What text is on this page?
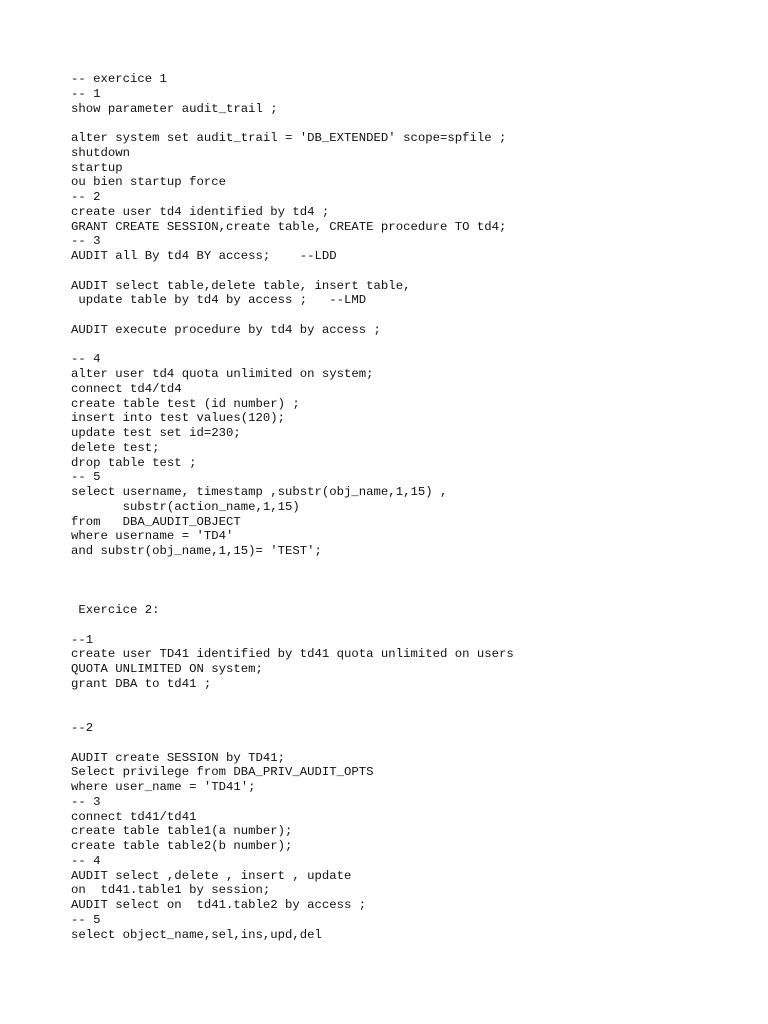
-- exercice 1
-- 1
show parameter audit_trail ;
alter system set audit_trail = 'DB_EXTENDED' scope=spfile ;
shutdown
startup
ou bien startup force
-- 2
create user td4 identified by td4 ;
GRANT CREATE SESSION,create table, CREATE procedure TO td4;
-- 3
AUDIT all By td4 BY access;    --LDD
AUDIT select table,delete table, insert table,
update table by td4 by access ;   --LMD
AUDIT execute procedure by td4 by access ;
-- 4
alter user td4 quota unlimited on system;
connect td4/td4
create table test (id number) ;
insert into test values(120);
update test set id=230;
delete test;
drop table test ;
-- 5
select username, timestamp ,substr(obj_name,1,15) ,
substr(action_name,1,15)
from   DBA_AUDIT_OBJECT
where username = 'TD4'
and substr(obj_name,1,15)= 'TEST';
Exercice 2:
--1
create user TD41 identified by td41 quota unlimited on users
QUOTA UNLIMITED ON system;
grant DBA to td41 ;
--2
AUDIT create SESSION by TD41;
Select privilege from DBA_PRIV_AUDIT_OPTS
where user_name = 'TD41';
-- 3
connect td41/td41
create table table1(a number);
create table table2(b number);
-- 4
AUDIT select ,delete , insert , update
on  td41.table1 by session;
AUDIT select on  td41.table2 by access ;
-- 5
select object_name,sel,ins,upd,del
